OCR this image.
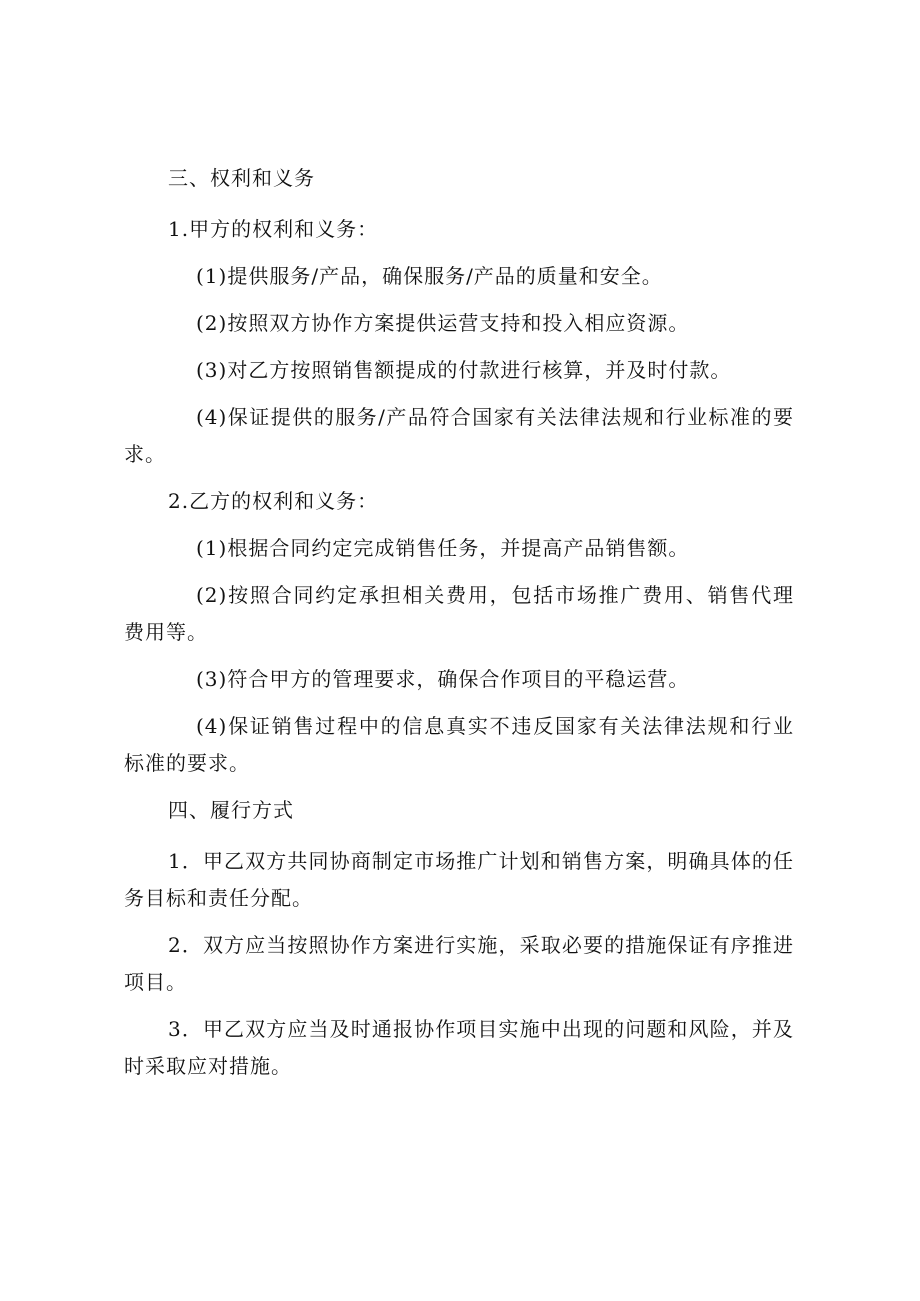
三、权利和义务

1.甲方的权利和义务：

(1)提供服务/产品，确保服务/产品的质量和安全。

(2)按照双方协作方案提供运营支持和投入相应资源。

(3)对乙方按照销售额提成的付款进行核算，并及时付款。

(4)保证提供的服务/产品符合国家有关法律法规和行业标准的要求。

2.乙方的权利和义务：

(1)根据合同约定完成销售任务，并提高产品销售额。

(2)按照合同约定承担相关费用，包括市场推广费用、销售代理费用等。

(3)符合甲方的管理要求，确保合作项目的平稳运营。

(4)保证销售过程中的信息真实不违反国家有关法律法规和行业标准的要求。

四、履行方式

1．甲乙双方共同协商制定市场推广计划和销售方案，明确具体的任务目标和责任分配。

2．双方应当按照协作方案进行实施，采取必要的措施保证有序推进项目。

3．甲乙双方应当及时通报协作项目实施中出现的问题和风险，并及时采取应对措施。
